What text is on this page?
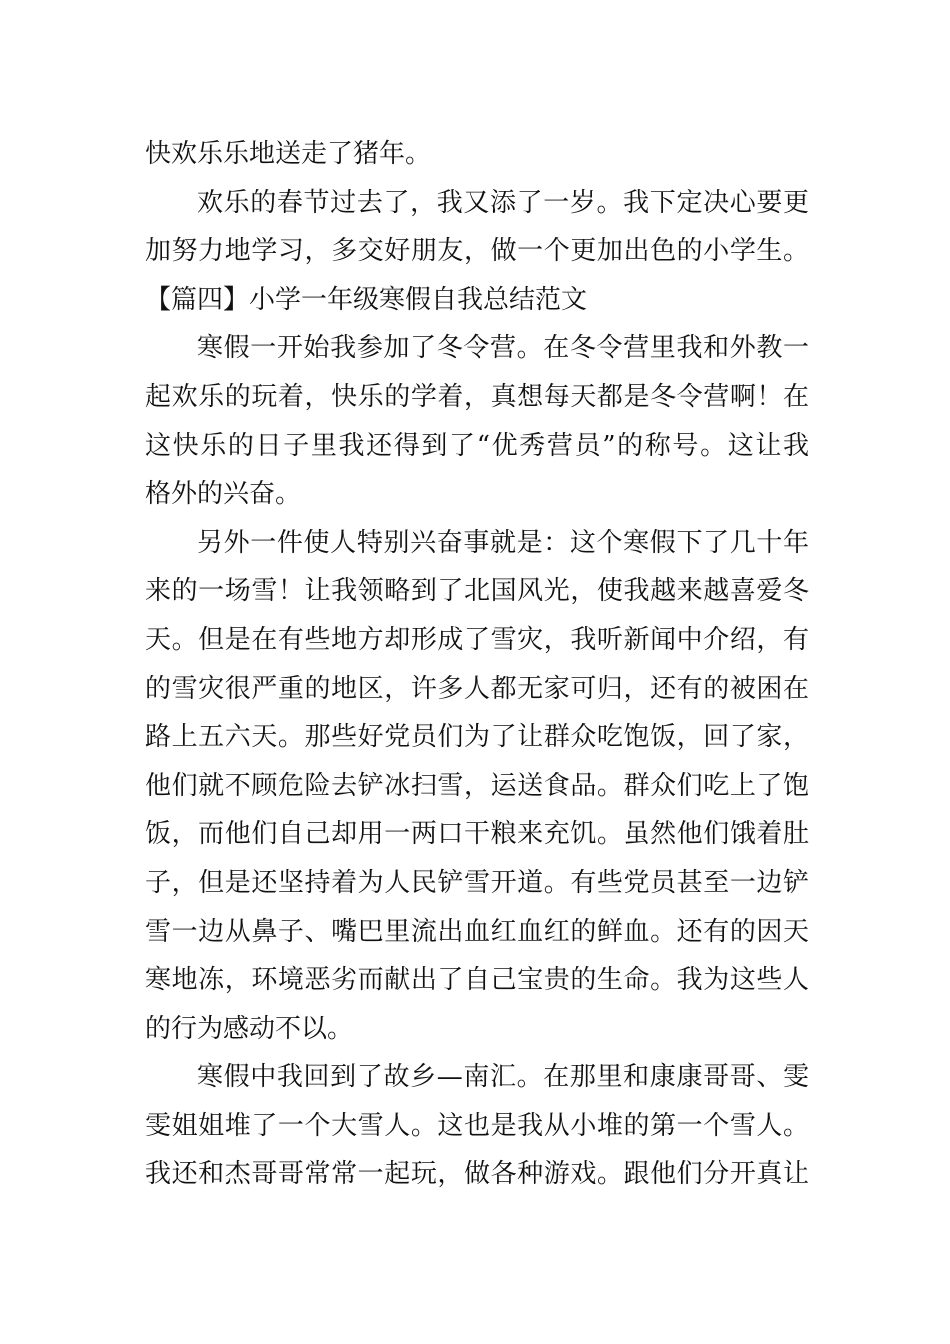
快欢乐乐地送走了猪年。
欢乐的春节过去了，我又添了一岁。我下定决心要更
加努力地学习，多交好朋友，做一个更加出色的小学生。
【篇四】小学一年级寒假自我总结范文
寒假一开始我参加了冬令营。在冬令营里我和外教一
起欢乐的玩着，快乐的学着，真想每天都是冬令营啊！在
这快乐的日子里我还得到了“优秀营员”的称号。这让我
格外的兴奋。
另外一件使人特别兴奋事就是：这个寒假下了几十年
来的一场雪！让我领略到了北国风光，使我越来越喜爱冬
天。但是在有些地方却形成了雪灾，我听新闻中介绍，有
的雪灾很严重的地区，许多人都无家可归，还有的被困在
路上五六天。那些好党员们为了让群众吃饱饭，回了家，
他们就不顾危险去铲冰扫雪，运送食品。群众们吃上了饱
饭，而他们自己却用一两口干粮来充饥。虽然他们饿着肚
子，但是还坚持着为人民铲雪开道。有些党员甚至一边铲
雪一边从鼻子、嘴巴里流出血红血红的鲜血。还有的因天
寒地冻，环境恶劣而献出了自己宝贵的生命。我为这些人
的行为感动不以。
寒假中我回到了故乡—南汇。在那里和康康哥哥、雯
雯姐姐堆了一个大雪人。这也是我从小堆的第一个雪人。
我还和杰哥哥常常一起玩，做各种游戏。跟他们分开真让
